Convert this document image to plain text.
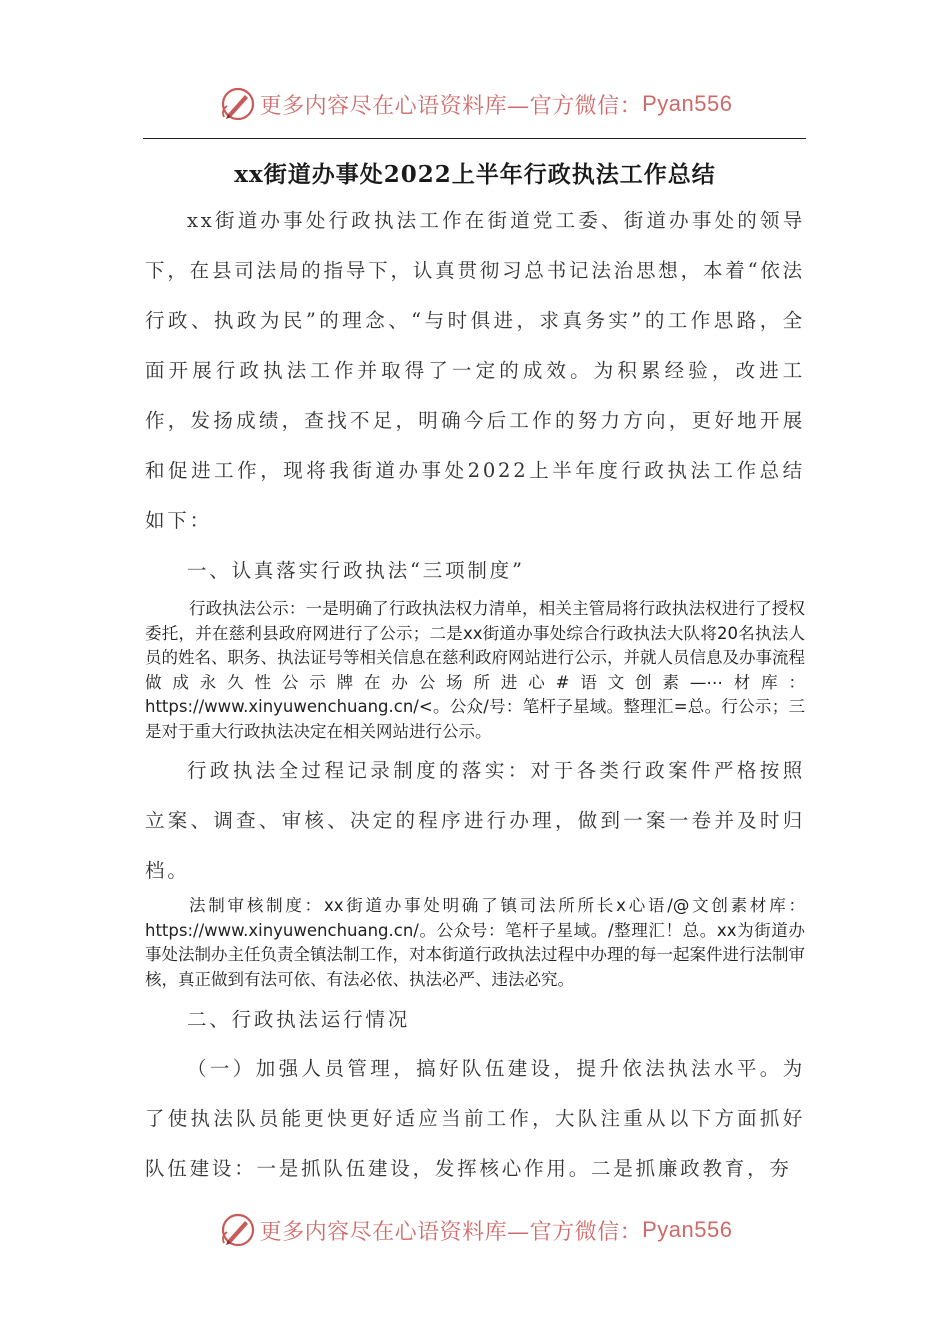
更多内容尽在心语资料库—官方微信： Pyan556
xx街道办事处2022上半年行政执法工作总结
xx街道办事处行政执法工作在街道党工委、街道办事处的领导下，在县司法局的指导下，认真贯彻习总书记法治思想，本着“依法行政、执政为民”的理念、“与时俱进，求真务实”的工作思路，全面开展行政执法工作并取得了一定的成效。为积累经验，改进工作，发扬成绩，查找不足，明确今后工作的努力方向，更好地开展和促进工作，现将我街道办事处2022上半年度行政执法工作总结如下：
一、认真落实行政执法“三项制度”
行政执法公示：一是明确了行政执法权力清单，相关主管局将行政执法权进行了授权委托，并在慈利县政府网进行了公示；二是xx街道办事处综合行政执法大队将20名执法人员的姓名、职务、执法证号等相关信息在慈利政府网站进行公示，并就人员信息及办事流程做成永久性公示牌在办公场所进心#语文创素—⋯材库：https://www.xinyuwenchuang.cn/<。公众/号：笔杆子星域。整理汇=总。行公示；三是对于重大行政执法决定在相关网站进行公示。
行政执法全过程记录制度的落实：对于各类行政案件严格按照立案、调查、审核、决定的程序进行办理，做到一案一卷并及时归档。
法制审核制度：xx街道办事处明确了镇司法所所长x心语/@文创素材库：https://www.xinyuwenchuang.cn/。公众号：笔杆子星域。/整理汇！总。xx为街道办事处法制办主任负责全镇法制工作，对本街道行政执法过程中办理的每一起案件进行法制审核，真正做到有法可依、有法必依、执法必严、违法必究。
二、行政执法运行情况
（一）加强人员管理，搞好队伍建设，提升依法执法水平。为了使执法队员能更快更好适应当前工作，大队注重从以下方面抓好队伍建设：一是抓队伍建设，发挥核心作用。二是抓廉政教育，夯
更多内容尽在心语资料库—官方微信： Pyan556
